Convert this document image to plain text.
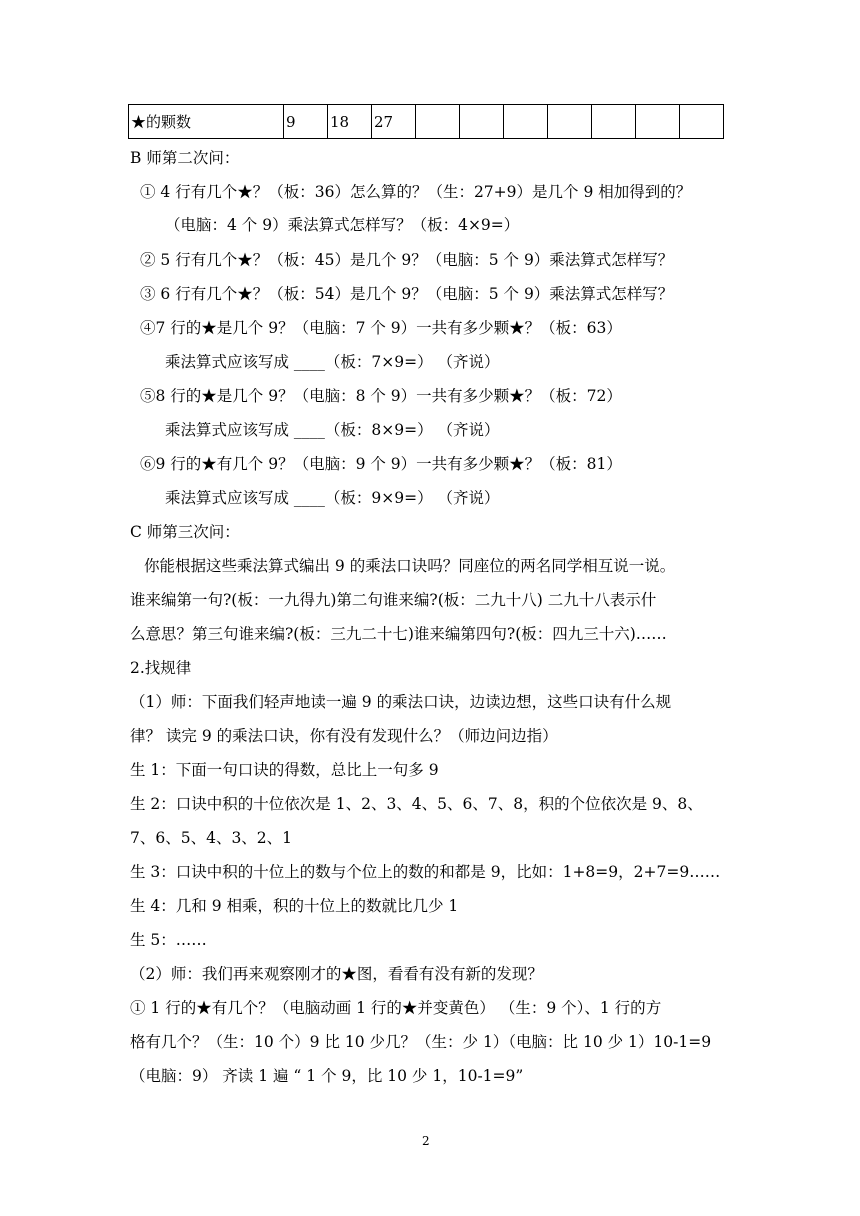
★的颗数	9	18	27							
B 师第二次问：
① 4 行有几个★？（板：36）怎么算的？（生：27+9）是几个 9 相加得到的？
（电脑：4 个 9）乘法算式怎样写？（板：4×9=）
② 5 行有几个★？（板：45）是几个 9？（电脑：5 个 9）乘法算式怎样写？
③ 6 行有几个★？（板：54）是几个 9？（电脑：5 个 9）乘法算式怎样写？
④7 行的★是几个 9？（电脑：7 个 9）一共有多少颗★？（板：63）
乘法算式应该写成 ____（板：7×9=） （齐说）
⑤8 行的★是几个 9？（电脑：8 个 9）一共有多少颗★？（板：72）
乘法算式应该写成 ____（板：8×9=） （齐说）
⑥9 行的★有几个 9？（电脑：9 个 9）一共有多少颗★？（板：81）
乘法算式应该写成 ____（板：9×9=） （齐说）
C 师第三次问：
你能根据这些乘法算式编出 9 的乘法口诀吗？同座位的两名同学相互说一说。
谁来编第一句?(板：一九得九)第二句谁来编?(板：二九十八) 二九十八表示什
么意思？第三句谁来编?(板：三九二十七)谁来编第四句?(板：四九三十六)……
2.找规律
（1）师：下面我们轻声地读一遍 9 的乘法口诀，边读边想，这些口诀有什么规
律？ 读完 9 的乘法口诀，你有没有发现什么？（师边问边指）
生 1：下面一句口诀的得数，总比上一句多 9
生 2：口诀中积的十位依次是 1、2、3、4、5、6、7、8，积的个位依次是 9、8、
7、6、5、4、3、2、1
生 3：口诀中积的十位上的数与个位上的数的和都是 9，比如：1+8=9，2+7=9……
生 4：几和 9 相乘，积的十位上的数就比几少 1
生 5：……
（2）师：我们再来观察刚才的★图，看看有没有新的发现？
① 1 行的★有几个？（电脑动画 1 行的★并变黄色） （生：9 个）、1 行的方
格有几个？（生：10 个）9 比 10 少几？（生：少 1）（电脑：比 10 少 1）10-1=9
（电脑：9） 齐读 1 遍 “ 1 个 9，比 10 少 1，10-1=9”
2
